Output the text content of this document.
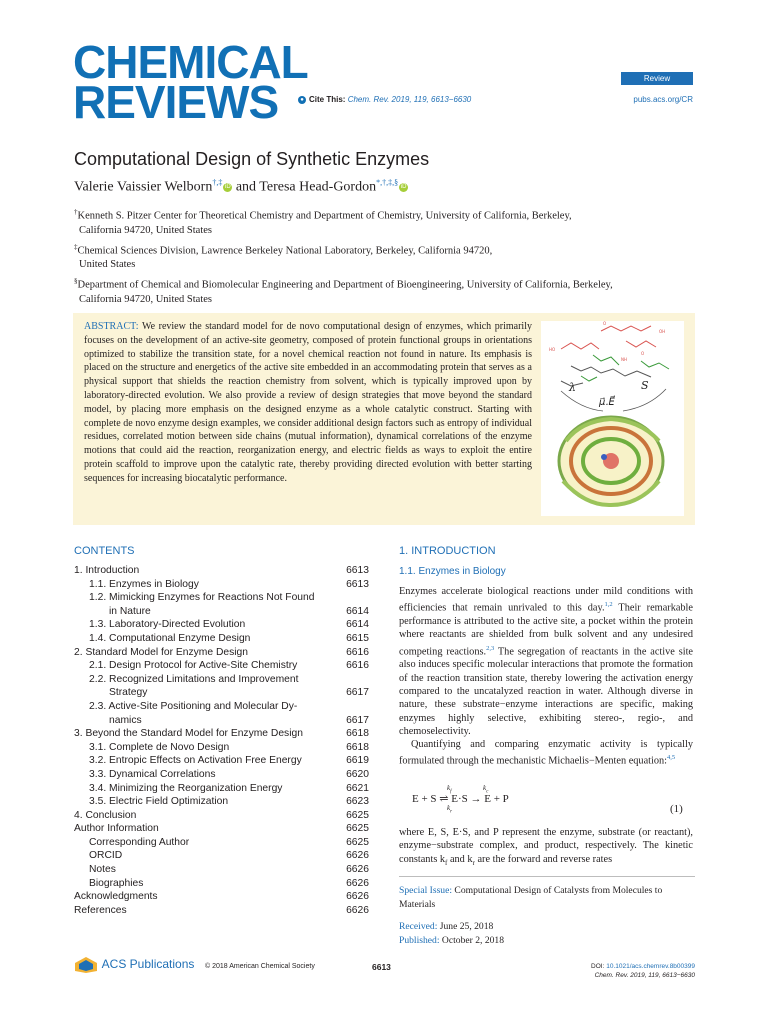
CHEMICAL
REVIEWS	● Cite This: Chem. Rev. 2019, 119, 6613−6630
Review
pubs.acs.org/CR
Computational Design of Synthetic Enzymes
Valerie Vaissier Welborn†,‡ iD and Teresa Head-Gordon*,†,‡,§ iD
†Kenneth S. Pitzer Center for Theoretical Chemistry and Department of Chemistry, University of California, Berkeley,
California 94720, United States
‡Chemical Sciences Division, Lawrence Berkeley National Laboratory, Berkeley, California 94720,
United States
§Department of Chemical and Biomolecular Engineering and Department of Bioengineering, University of California, Berkeley,
California 94720, United States
ABSTRACT: We review the standard model for de novo computational design of enzymes, which primarily focuses on the development of an active-site geometry, composed of protein functional groups in orientations optimized to stabilize the transition state, for a novel chemical reaction not found in nature. Its emphasis is placed on the structure and energetics of the active site embedded in an accommodating protein that serves as a physical support that shields the reaction chemistry from solvent, which is typically improved upon by laboratory-directed evolution. We also provide a review of design strategies that move beyond the standard model, by placing more emphasis on the designed enzyme as a whole catalytic construct. Starting with complete de novo enzyme design examples, we consider additional design factors such as entropy of individual residues, correlated motion between side chains (mutual information), dynamical correlations of the enzyme motions that could aid the reaction, reorganization energy, and electric fields as ways to exploit the entire protein scaffold to improve upon the catalytic rate, thereby providing directed evolution with better starting sequences for increasing biocatalytic performance.
HO
O
OH
NH
O
λ	S
μ⃗.E⃗
CONTENTS
1. Introduction	6613
1.1. Enzymes in Biology	6613
1.2. Mimicking Enzymes for Reactions Not Found
in Nature	6614
1.3. Laboratory-Directed Evolution	6614
1.4. Computational Enzyme Design	6615
2. Standard Model for Enzyme Design	6616
2.1. Design Protocol for Active-Site Chemistry	6616
2.2. Recognized Limitations and Improvement
Strategy	6617
2.3. Active-Site Positioning and Molecular Dy-
namics	6617
3. Beyond the Standard Model for Enzyme Design	6618
3.1. Complete de Novo Design	6618
3.2. Entropic Effects on Activation Free Energy	6619
3.3. Dynamical Correlations	6620
3.4. Minimizing the Reorganization Energy	6621
3.5. Electric Field Optimization	6623
4. Conclusion	6625
Author Information	6625
Corresponding Author	6625
ORCID	6626
Notes	6626
Biographies	6626
Acknowledgments	6626
References	6626
1. INTRODUCTION
1.1. Enzymes in Biology

Enzymes accelerate biological reactions under mild conditions with efficiencies that remain unrivaled to this day.$^{1,2}$ Their remarkable performance is attributed to the active site, a pocket within the protein where reactants are shielded from bulk solvent and any undesired competing reactions.$^{2,3}$ The segregation of reactants in the active site also induces specific molecular interactions that promote the formation of the reaction transition state, thereby lowering the activation energy compared to the uncatalyzed reaction in water. Although diverse in nature, these substrate−enzyme interactions are specific, making enzymes highly selective, exhibiting stereo-, regio-, and chemoselectivity.

Quantifying and comparing enzymatic activity is typically formulated through the mechanistic Michaelis−Menten equation:$^{4,5}$

E + S ⇌ E·S → E + P
$k_f$
$k_r$
$k_c$
(1)

where E, S, E·S, and P represent the enzyme, substrate (or reactant), enzyme−substrate complex, and product, respectively. The kinetic constants $k_f$ and $k_r$ are the forward and reverse rates

Special Issue: Computational Design of Catalysts from Molecules to Materials
Received: June 25, 2018
Published: October 2, 2018
ACS Publications © 2018 American Chemical Society	6613	DOI: 10.1021/acs.chemrev.8b00399
Chem. Rev. 2019, 119, 6613−6630
